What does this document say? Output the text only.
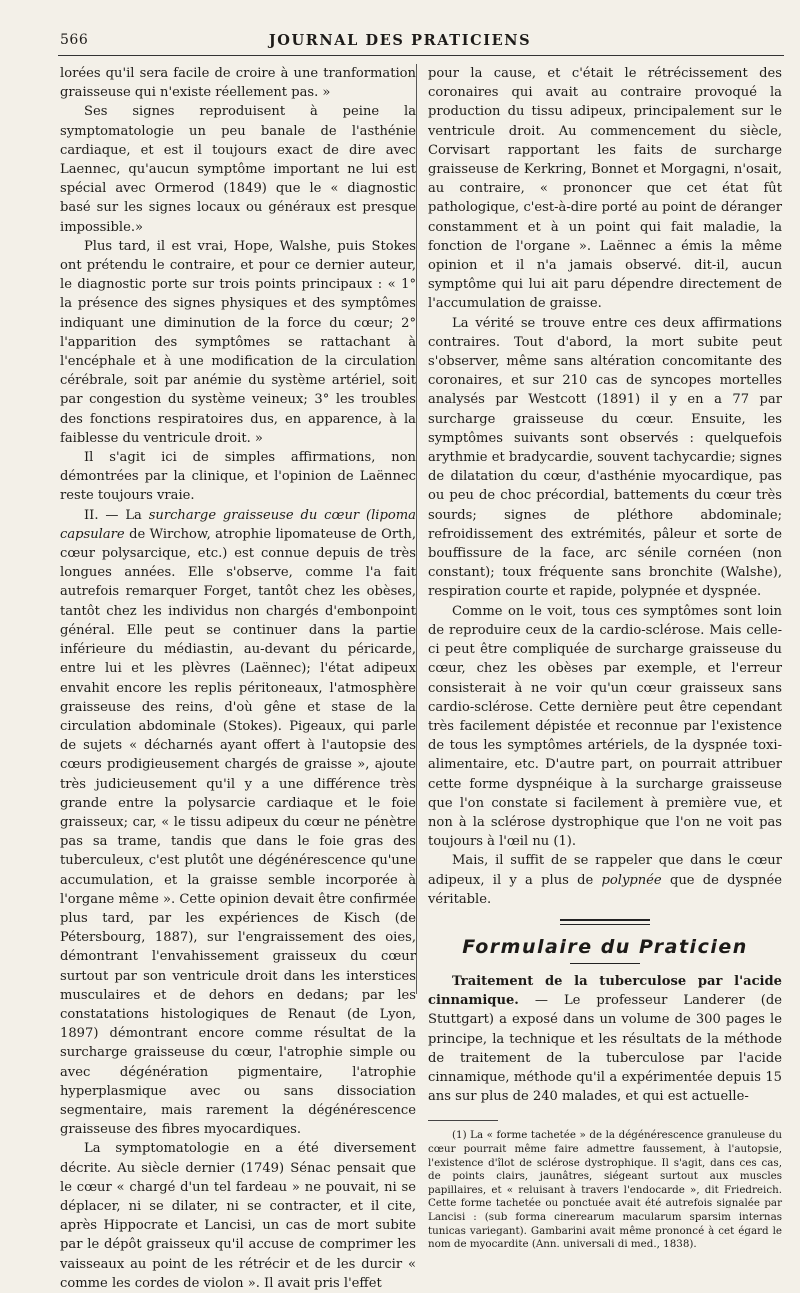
566	JOURNAL DES PRATICIENS

lorées qu'il sera facile de croire à une tranformation graisseuse qui n'existe réellement pas. »

Ses signes reproduisent à peine la symptomatologie un peu banale de l'asthénie cardiaque, et est il toujours exact de dire avec Laennec, qu'aucun symptôme important ne lui est spécial avec Ormerod (1849) que le « diagnostic basé sur les signes locaux ou généraux est presque impossible.»

Plus tard, il est vrai, Hope, Walshe, puis Stokes ont prétendu le contraire, et pour ce dernier auteur, le diagnostic porte sur trois points principaux : « 1° la présence des signes physiques et des symptômes indiquant une diminution de la force du cœur; 2° l'apparition des symptômes se rattachant à l'encéphale et à une modification de la circulation cérébrale, soit par anémie du système artériel, soit par congestion du système veineux; 3° les troubles des fonctions respiratoires dus, en apparence, à la faiblesse du ventricule droit. »

Il s'agit ici de simples affirmations, non démontrées par la clinique, et l'opinion de Laënnec reste toujours vraie.

II. — La surcharge graisseuse du cœur (lipoma capsulare de Wirchow, atrophie lipomateuse de Orth, cœur polysarcique, etc.) est connue depuis de très longues années. Elle s'observe, comme l'a fait autrefois remarquer Forget, tantôt chez les obèses, tantôt chez les individus non chargés d'embonpoint général. Elle peut se continuer dans la partie inférieure du médiastin, au-devant du péricarde, entre lui et les plèvres (Laënnec); l'état adipeux envahit encore les replis péritoneaux, l'atmosphère graisseuse des reins, d'où gêne et stase de la circulation abdominale (Stokes). Pigeaux, qui parle de sujets « décharnés ayant offert à l'autopsie des cœurs prodigieusement chargés de graisse », ajoute très judicieusement qu'il y a une différence très grande entre la polysarcie cardiaque et le foie graisseux; car, « le tissu adipeux du cœur ne pénètre pas sa trame, tandis que dans le foie gras des tuberculeux, c'est plutôt une dégénérescence qu'une accumulation, et la graisse semble incorporée à l'organe même ». Cette opinion devait être confirmée plus tard, par les expériences de Kisch (de Pétersbourg, 1887), sur l'engraissement des oies, démontrant l'envahissement graisseux du cœur surtout par son ventricule droit dans les interstices musculaires et de dehors en dedans; par les constatations histologiques de Renaut (de Lyon, 1897) démontrant encore comme résultat de la surcharge graisseuse du cœur, l'atrophie simple ou avec dégénération pigmentaire, l'atrophie hyperplasmique avec ou sans dissociation segmentaire, mais rarement la dégénérescence graisseuse des fibres myocardiques.

La symptomatologie en a été diversement décrite. Au siècle dernier (1749) Sénac pensait que le cœur « chargé d'un tel fardeau » ne pouvait, ni se déplacer, ni se dilater, ni se contracter, et il cite, après Hippocrate et Lancisi, un cas de mort subite par le dépôt graisseux qu'il accuse de comprimer les vaisseaux au point de les rétrécir et de les durcir « comme les cordes de violon ». Il avait pris l'effet

pour la cause, et c'était le rétrécissement des coronaires qui avait au contraire provoqué la production du tissu adipeux, principalement sur le ventricule droit. Au commencement du siècle, Corvisart rapportant les faits de surcharge graisseuse de Kerkring, Bonnet et Morgagni, n'osait, au contraire, « prononcer que cet état fût pathologique, c'est-à-dire porté au point de déranger constamment et à un point qui fait maladie, la fonction de l'organe ». Laënnec a émis la même opinion et il n'a jamais observé. dit-il, aucun symptôme qui lui ait paru dépendre directement de l'accumulation de graisse.

La vérité se trouve entre ces deux affirmations contraires. Tout d'abord, la mort subite peut s'observer, même sans altération concomitante des coronaires, et sur 210 cas de syncopes mortelles analysés par Westcott (1891) il y en a 77 par surcharge graisseuse du cœur. Ensuite, les symptômes suivants sont observés : quelquefois arythmie et bradycardie, souvent tachycardie; signes de dilatation du cœur, d'asthénie myocardique, pas ou peu de choc précordial, battements du cœur très sourds; signes de pléthore abdominale; refroidissement des extrémités, pâleur et sorte de bouffissure de la face, arc sénile cornéen (non constant); toux fréquente sans bronchite (Walshe), respiration courte et rapide, polypnée et dyspnée.

Comme on le voit, tous ces symptômes sont loin de reproduire ceux de la cardio-sclérose. Mais celle-ci peut être compliquée de surcharge graisseuse du cœur, chez les obèses par exemple, et l'erreur consisterait à ne voir qu'un cœur graisseux sans cardio-sclérose. Cette dernière peut être cependant très facilement dépistée et reconnue par l'existence de tous les symptômes artériels, de la dyspnée toxi-alimentaire, etc. D'autre part, on pourrait attribuer cette forme dyspnéique à la surcharge graisseuse que l'on constate si facilement à première vue, et non à la sclérose dystrophique que l'on ne voit pas toujours à l'œil nu (1).

Mais, il suffit de se rappeler que dans le cœur adipeux, il y a plus de polypnée que de dyspnée véritable.

Formulaire du Praticien

Traitement de la tuberculose par l'acide cinnamique. — Le professeur Landerer (de Stuttgart) a exposé dans un volume de 300 pages le principe, la technique et les résultats de la méthode de traitement de la tuberculose par l'acide cinnamique, méthode qu'il a expérimentée depuis 15 ans sur plus de 240 malades, et qui est actuelle-

(1) La « forme tachetée » de la dégénérescence granuleuse du cœur pourrait même faire admettre faussement, à l'autopsie, l'existence d'îlot de sclérose dystrophique. Il s'agit, dans ces cas, de points clairs, jaunâtres, siégeant surtout aux muscles papillaires, et « reluisant à travers l'endocarde », dit Friedreich. Cette forme tachetée ou ponctuée avait été autrefois signalée par Lancisi : (sub forma cinerearum macularum sparsim internas tunicas variegant). Gambarini avait même prononcé à cet égard le nom de myocardite (Ann. universali di med., 1838).
